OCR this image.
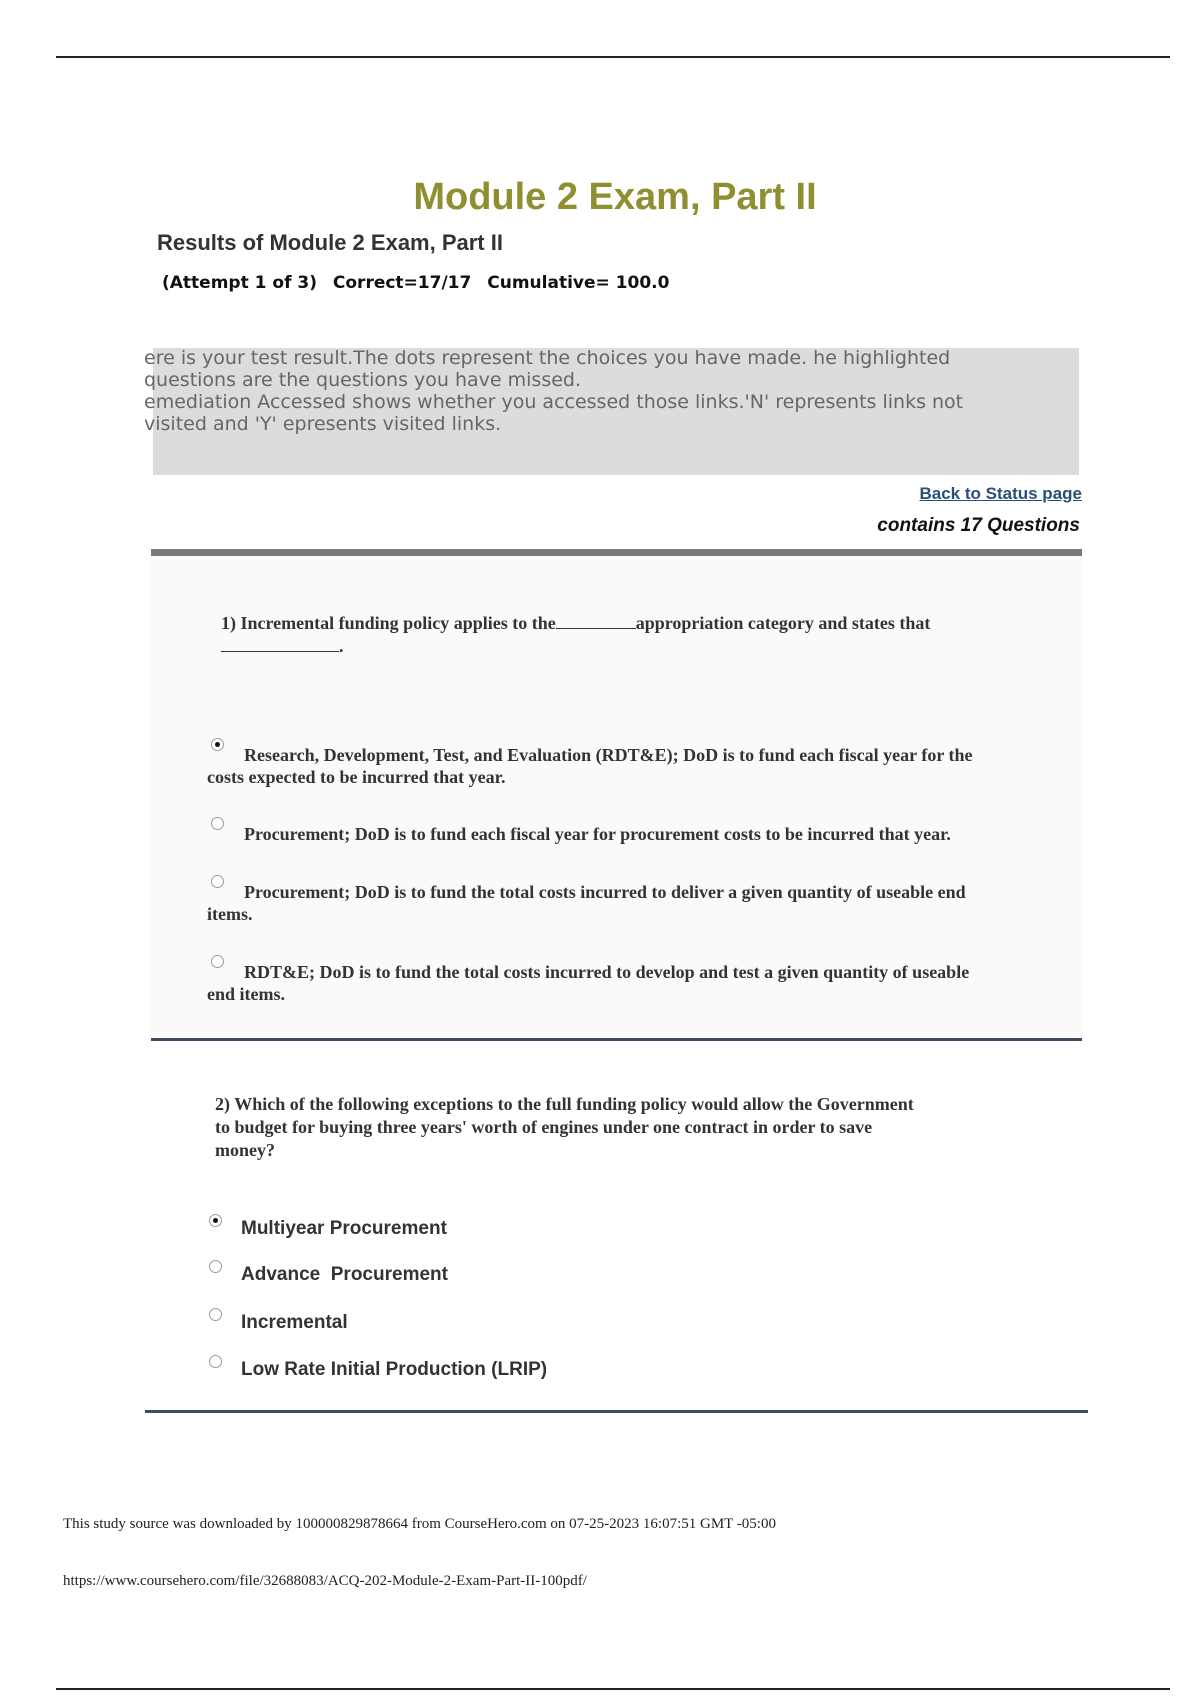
Module 2 Exam, Part II
Results of Module 2 Exam, Part II
(Attempt 1 of 3) Correct=17/17 Cumulative= 100.0
ere is your test result.The dots represent the choices you have made. he highlighted
questions are the questions you have missed.
emediation Accessed shows whether you accessed those links.'N' represents links not
visited and 'Y' epresents visited links.
Back to Status page
contains 17 Questions
1) Incremental funding policy applies to the	appropriation category and states that
.
Research, Development, Test, and Evaluation (RDT&E); DoD is to fund each fiscal year for the
costs expected to be incurred that year.
Procurement; DoD is to fund each fiscal year for procurement costs to be incurred that year.
Procurement; DoD is to fund the total costs incurred to deliver a given quantity of useable end
items.
RDT&E; DoD is to fund the total costs incurred to develop and test a given quantity of useable
end items.
2) Which of the following exceptions to the full funding policy would allow the Government
to budget for buying three years' worth of engines under one contract in order to save
money?
Multiyear Procurement
Advance  Procurement
Incremental
Low Rate Initial Production (LRIP)
This study source was downloaded by 100000829878664 from CourseHero.com on 07-25-2023 16:07:51 GMT -05:00
https://www.coursehero.com/file/32688083/ACQ-202-Module-2-Exam-Part-II-100pdf/
